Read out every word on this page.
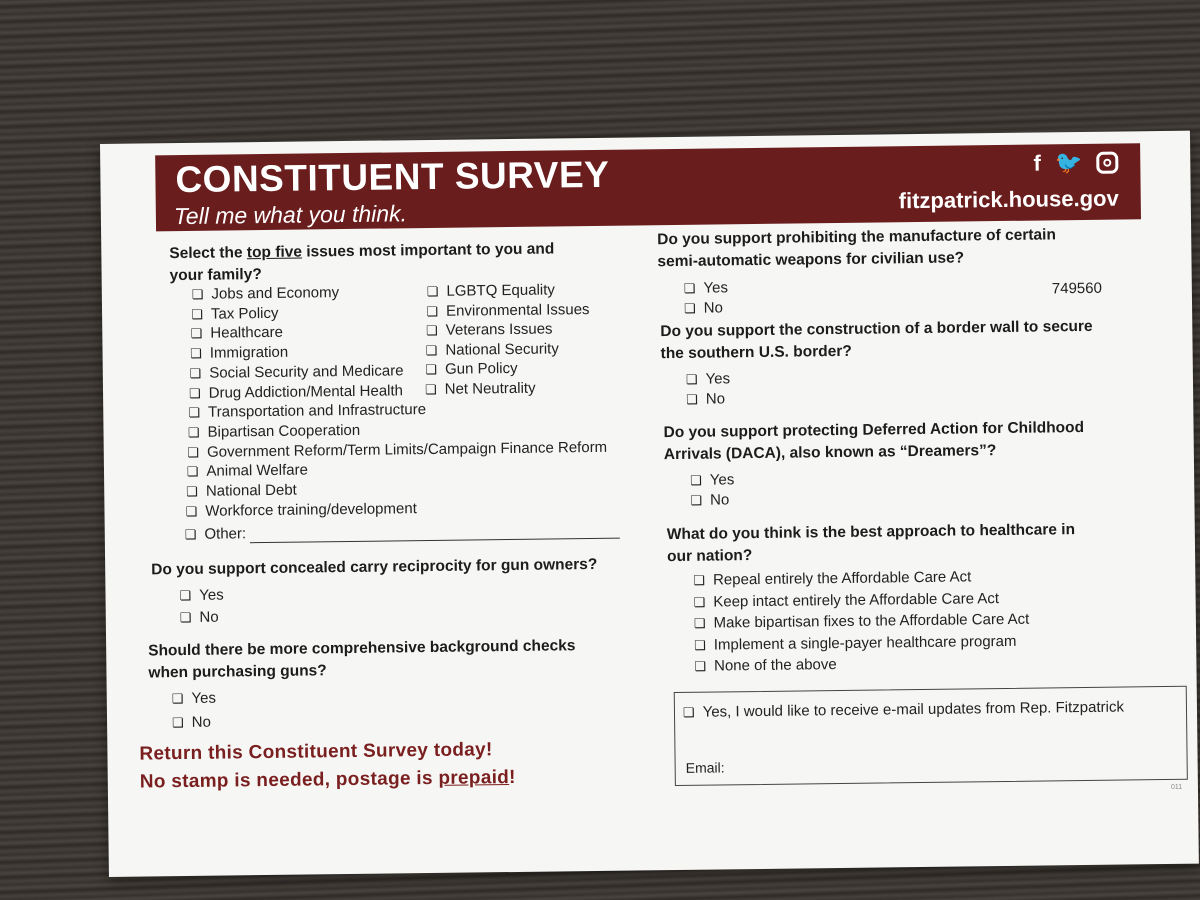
CONSTITUENT SURVEY
Tell me what you think.
f 🐦
fitzpatrick.house.gov
Select the top five issues most important to you and
your family?
❏ Other:
Do you support concealed carry reciprocity for gun owners?
❏ Yes
❏ No
Should there be more comprehensive background checks
when purchasing guns?
❏ Yes
❏ No
Return this Constituent Survey today!
No stamp is needed, postage is prepaid!
Do you support prohibiting the manufacture of certain
semi-automatic weapons for civilian use?
❏ Yes
❏ No
749560
Do you support the construction of a border wall to secure
the southern U.S. border?
❏ Yes
❏ No
Do you support protecting Deferred Action for Childhood
Arrivals (DACA), also known as “Dreamers”?
❏ Yes
❏ No
What do you think is the best approach to healthcare in
our nation?
❏ Yes, I would like to receive e-mail updates from Rep. Fitzpatrick
Email:
011
❏ Jobs and Economy
❏ Tax Policy
❏ Healthcare
❏ Immigration
❏ Social Security and Medicare
❏ Drug Addiction/Mental Health
❏ Transportation and Infrastructure
❏ Bipartisan Cooperation
❏ Government Reform/Term Limits/Campaign Finance Reform
❏ Animal Welfare
❏ National Debt
❏ Workforce training/development
❏ LGBTQ Equality
❏ Environmental Issues
❏ Veterans Issues
❏ National Security
❏ Gun Policy
❏ Net Neutrality
❏ Repeal entirely the Affordable Care Act
❏ Keep intact entirely the Affordable Care Act
❏ Make bipartisan fixes to the Affordable Care Act
❏ Implement a single-payer healthcare program
❏ None of the above
